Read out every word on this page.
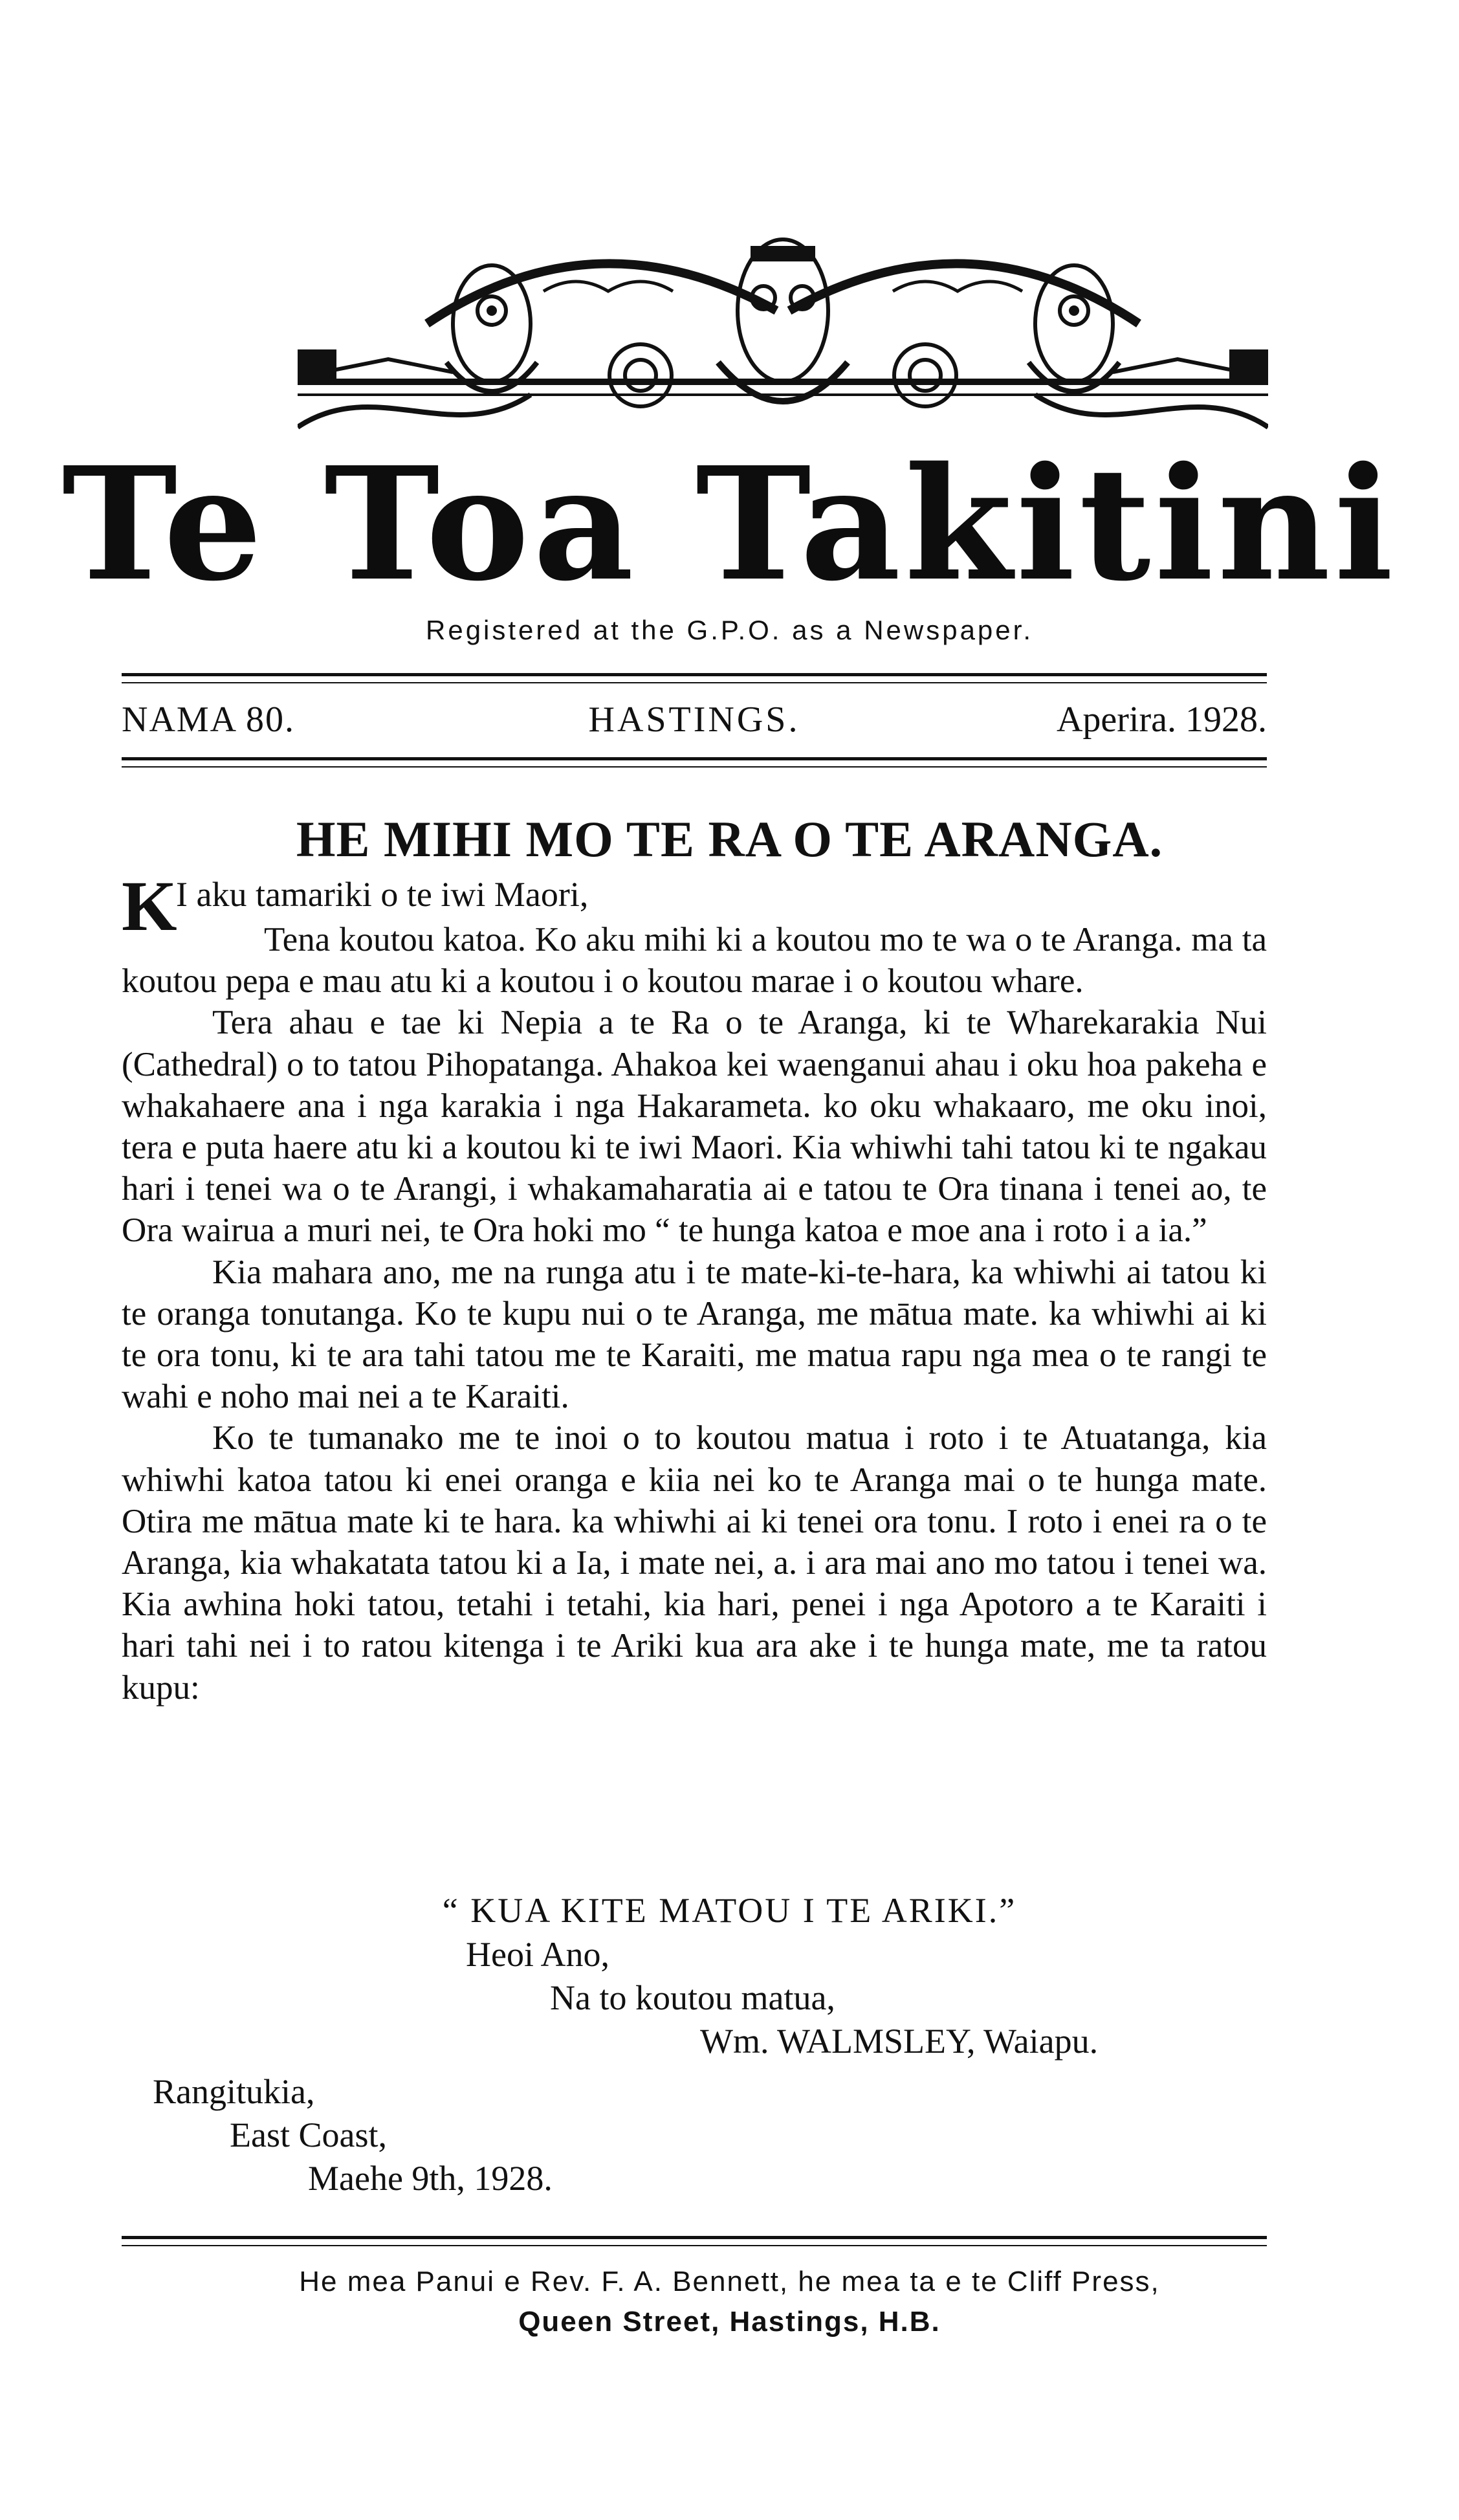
Te Toa Takitini
Registered at the G.P.O. as a Newspaper.
NAMA 80.	HASTINGS.	Aperira. 1928.
HE MIHI MO TE RA O TE ARANGA.
K
I aku tamariki o te iwi Maori,

Tena koutou katoa. Ko aku mihi ki a koutou mo te wa o te Aranga. ma ta koutou pepa e mau atu ki a koutou i o koutou marae i o koutou whare.

Tera ahau e tae ki Nepia a te Ra o te Aranga, ki te Wharekarakia Nui (Cathedral) o to tatou Pihopatanga. Ahakoa kei waenganui ahau i oku hoa pakeha e whakahaere ana i nga karakia i nga Hakarameta. ko oku whakaaro, me oku inoi, tera e puta haere atu ki a koutou ki te iwi Maori. Kia whiwhi tahi tatou ki te ngakau hari i tenei wa o te Arangi, i whakamaharatia ai e tatou te Ora tinana i tenei ao, te Ora wairua a muri nei, te Ora hoki mo “ te hunga katoa e moe ana i roto i a ia.”

Kia mahara ano, me na runga atu i te mate-ki-te-hara, ka whiwhi ai tatou ki te oranga tonutanga. Ko te kupu nui o te Aranga, me mātua mate. ka whiwhi ai ki te ora tonu, ki te ara tahi tatou me te Karaiti, me matua rapu nga mea o te rangi te wahi e noho mai nei a te Karaiti.

Ko te tumanako me te inoi o to koutou matua i roto i te Atuatanga, kia whiwhi katoa tatou ki enei oranga e kiia nei ko te Aranga mai o te hunga mate. Otira me mātua mate ki te hara. ka whiwhi ai ki tenei ora tonu. I roto i enei ra o te Aranga, kia whakatata tatou ki a Ia, i mate nei, a. i ara mai ano mo tatou i tenei wa. Kia awhina hoki tatou, tetahi i tetahi, kia hari, penei i nga Apotoro a te Karaiti i hari tahi nei i to ratou kitenga i te Ariki kua ara ake i te hunga mate, me ta ratou kupu:

“ KUA KITE MATOU I TE ARIKI.”
Heoi Ano,
Na to koutou matua,
Wm. WALMSLEY, Waiapu.
Rangitukia,
East Coast,
Maehe 9th, 1928.
He mea Panui e Rev. F. A. Bennett, he mea ta e te Cliff Press,
Queen Street, Hastings, H.B.
